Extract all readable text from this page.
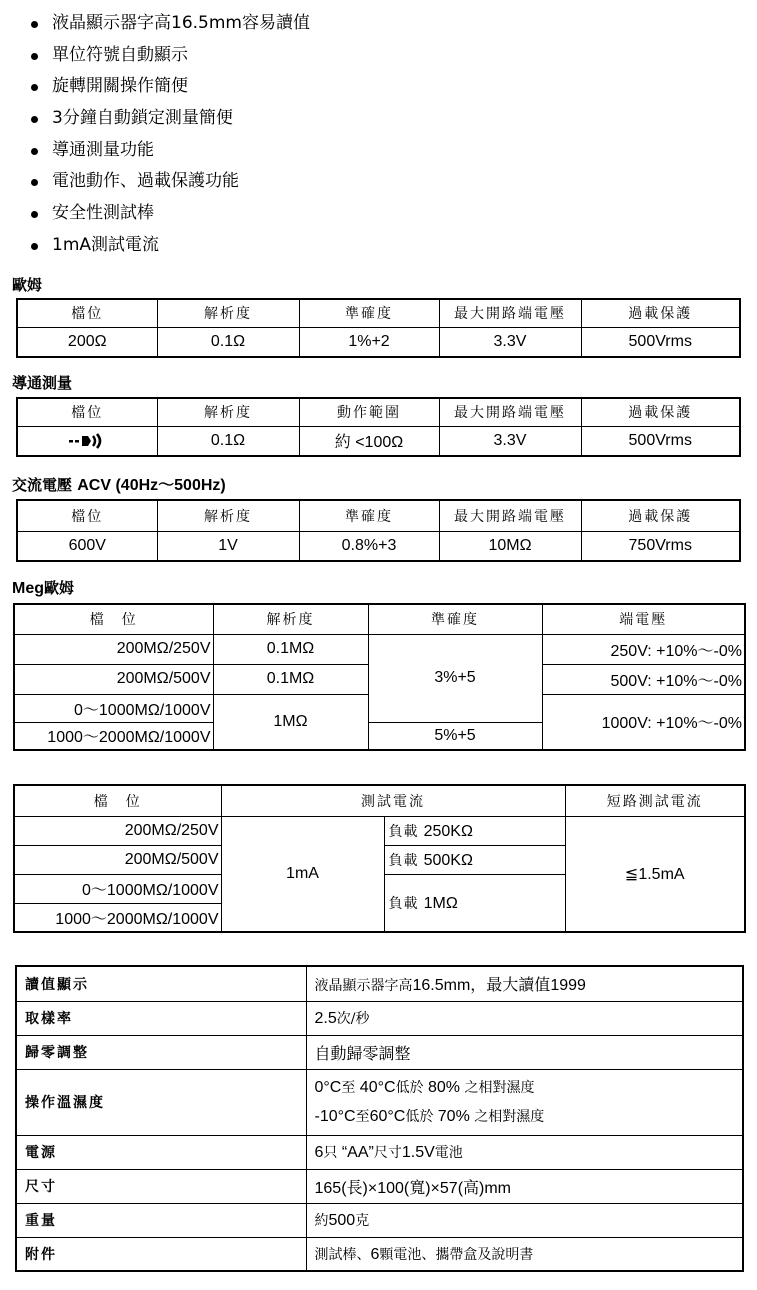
液晶顯示器字高16.5mm容易讀值
單位符號自動顯示
旋轉開關操作簡便
3分鐘自動鎖定測量簡便
導通測量功能
電池動作、過載保護功能
安全性測試棒
1mA測試電流
歐姆
檔位	解析度	準確度	最大開路端電壓	過載保護
200Ω	0.1Ω	1%+2	3.3V	500Vrms
導通測量
檔位	解析度	動作範圍	最大開路端電壓	過載保護
	0.1Ω	約 <100Ω	3.3V	500Vrms
交流電壓 ACV (40Hz～500Hz)
檔位	解析度	準確度	最大開路端電壓	過載保護
600V	1V	0.8%+3	10MΩ	750Vrms
Meg歐姆
檔　位	解析度	準確度	端電壓
200MΩ/250V	0.1MΩ	3%+5	250V: +10%～-0%
200MΩ/500V	0.1MΩ		500V: +10%～-0%
0～1000MΩ/1000V	1MΩ		1000V: +10%～-0%
1000～2000MΩ/1000V		5%+5	
檔　位	測試電流		短路測試電流
200MΩ/250V	1mA	負載 250KΩ	≦1.5mA
200MΩ/500V		負載 500KΩ	
0～1000MΩ/1000V		負載 1MΩ	
1000～2000MΩ/1000V			
讀值顯示	液晶顯示器字高16.5mm，最大讀值1999
取樣率	2.5次/秒
歸零調整	自動歸零調整
操作溫濕度	0°C至 40°C低於 80% 之相對濕度
-10°C至60°C低於 70% 之相對濕度

電源	6只 “AA”尺寸1.5V電池
尺寸	165(長)×100(寬)×57(高)mm
重量	約500克
附件	測試棒、6顆電池、攜帶盒及說明書
